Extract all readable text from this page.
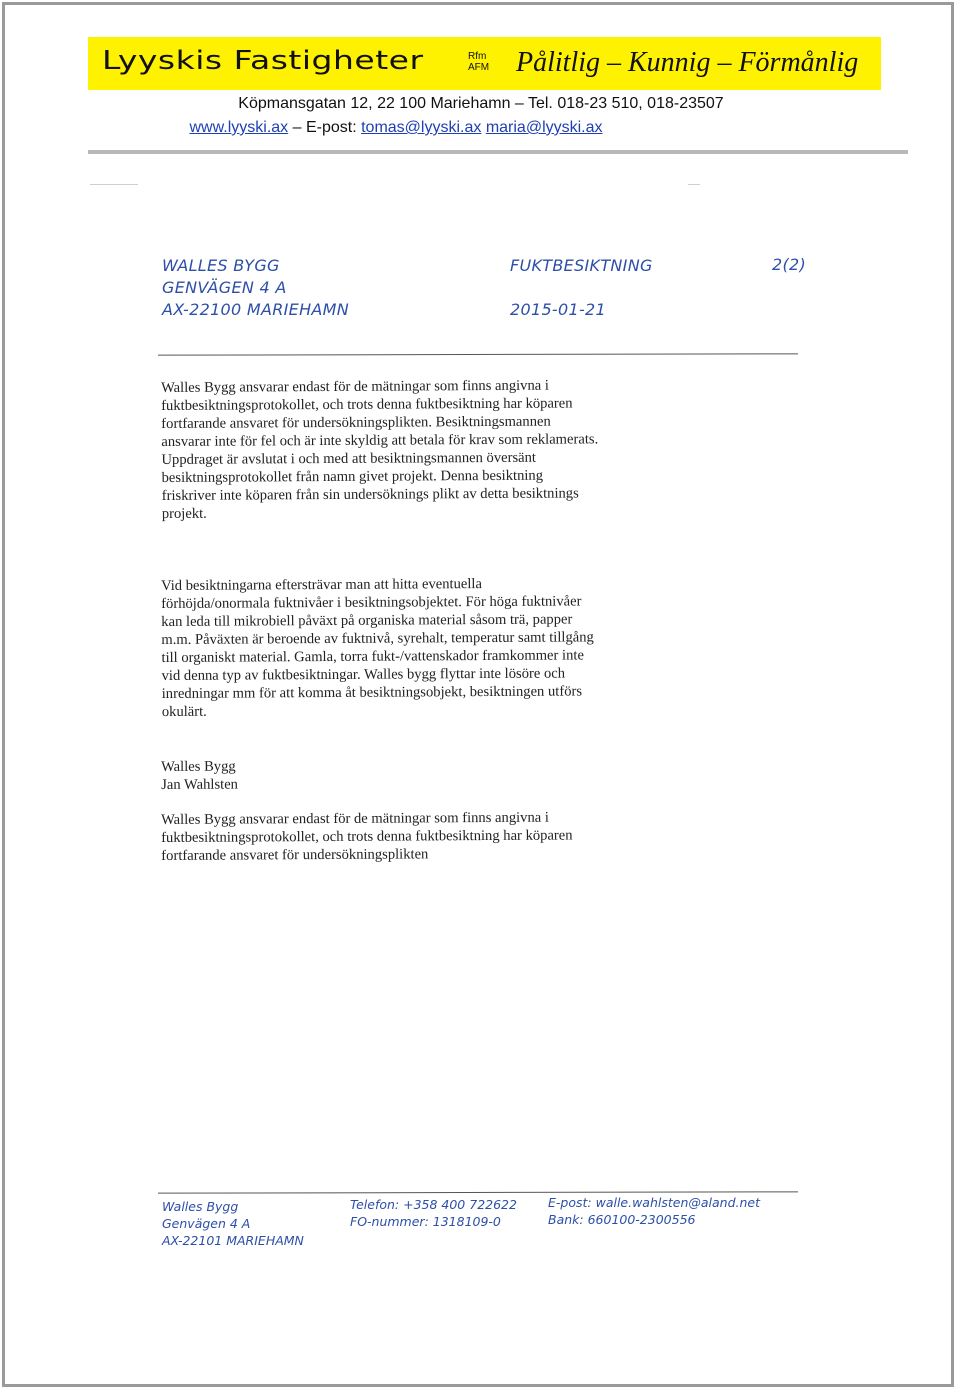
Lyyskis Fastigheter	Rfm
AFM Pålitlig – Kunnig – Förmånlig
Köpmansgatan 12, 22 100 Mariehamn – Tel. 018-23 510, 018-23507
www.lyyski.ax – E-post: tomas@lyyski.ax maria@lyyski.ax
WALLES BYGG
GENVÄGEN 4 A
AX-22100 MARIEHAMN
FUKTBESIKTNING
2015-01-21
2(2)
Walles Bygg ansvarar endast för de mätningar som finns angivna i
fuktbesiktningsprotokollet, och trots denna fuktbesiktning har köparen
fortfarande ansvaret för undersökningsplikten. Besiktningsmannen
ansvarar inte för fel och är inte skyldig att betala för krav som reklamerats.
Uppdraget är avslutat i och med att besiktningsmannen översänt
besiktningsprotokollet från namn givet projekt. Denna besiktning
friskriver inte köparen från sin undersöknings plikt av detta besiktnings
projekt.
Vid besiktningarna eftersträvar man att hitta eventuella
förhöjda/onormala fuktnivåer i besiktningsobjektet. För höga fuktnivåer
kan leda till mikrobiell påväxt på organiska material såsom trä, papper
m.m. Påväxten är beroende av fuktnivå, syrehalt, temperatur samt tillgång
till organiskt material. Gamla, torra fukt-/vattenskador framkommer inte
vid denna typ av fuktbesiktningar. Walles bygg flyttar inte lösöre och
inredningar mm för att komma åt besiktningsobjekt, besiktningen utförs
okulärt.
Walles Bygg
Jan Wahlsten
Walles Bygg ansvarar endast för de mätningar som finns angivna i
fuktbesiktningsprotokollet, och trots denna fuktbesiktning har köparen
fortfarande ansvaret för undersökningsplikten
Walles Bygg
Genvägen 4 A
AX-22101 MARIEHAMN
Telefon: +358 400 722622
FO-nummer: 1318109-0
E-post: walle.wahlsten@aland.net
Bank: 660100-2300556
